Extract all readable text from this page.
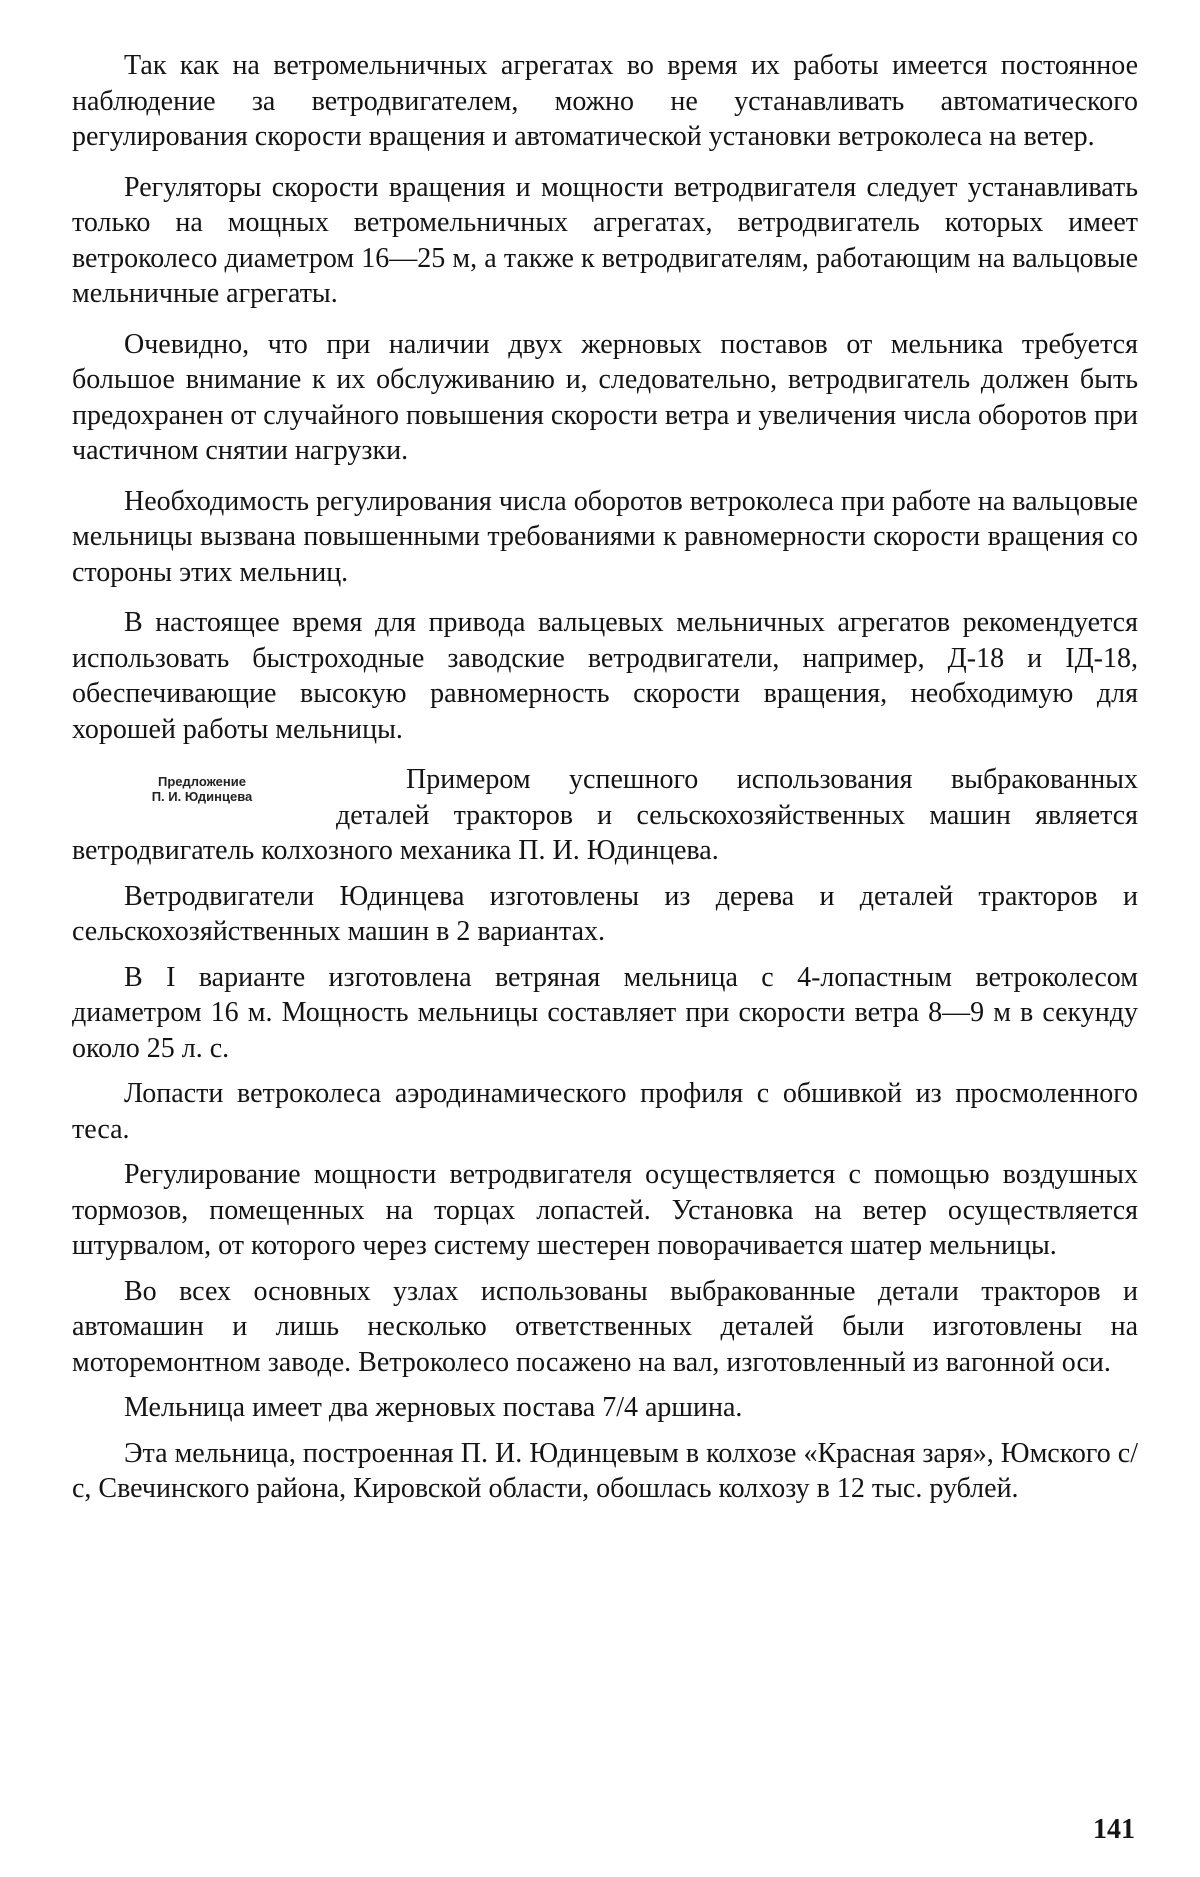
Так как на ветромельничных агрегатах во время их работы имеется постоянное наблюдение за ветродвигателем, можно не устанавливать автоматического регулирования скорости вращения и автоматической установки ветроколеса на ветер.

Регуляторы скорости вращения и мощности ветродвигателя следует устанавливать только на мощных ветромельничных агрегатах, ветродвигатель которых имеет ветроколесо диаметром 16—25 м, а также к ветродвигателям, работающим на вальцовые мельничные агрегаты.

Очевидно, что при наличии двух жерновых поставов от мельника требуется большое внимание к их обслуживанию и, следовательно, ветродвигатель должен быть предохранен от случайного повышения скорости ветра и увеличения числа оборотов при частичном снятии нагрузки.

Необходимость регулирования числа оборотов ветроколеса при работе на вальцовые мельницы вызвана повышенными требованиями к равномерности скорости вращения со стороны этих мельниц.

В настоящее время для привода вальцевых мельничных агрегатов рекомендуется использовать быстроходные заводские ветродвигатели, например, Д-18 и ІД-18, обеспечивающие высокую равномерность скорости вращения, необходимую для хорошей работы мельницы.

Предложение
П. И. Юдинцева
Примером успешного использования выбракованных деталей тракторов и сельскохозяйственных машин является ветродвигатель колхозного механика П. И. Юдинцева.

Ветродвигатели Юдинцева изготовлены из дерева и деталей тракторов и сельскохозяйственных машин в 2 вариантах.

В I варианте изготовлена ветряная мельница с 4-лопастным ветроколесом диаметром 16 м. Мощность мельницы составляет при скорости ветра 8—9 м в секунду около 25 л. с.

Лопасти ветроколеса аэродинамического профиля с обшивкой из просмоленного теса.

Регулирование мощности ветродвигателя осуществляется с помощью воздушных тормозов, помещенных на торцах лопастей. Установка на ветер осуществляется штурвалом, от которого через систему шестерен поворачивается шатер мельницы.

Во всех основных узлах использованы выбракованные детали тракторов и автомашин и лишь несколько ответственных деталей были изготовлены на моторемонтном заводе. Ветроколесо посажено на вал, изготовленный из вагонной оси.

Мельница имеет два жерновых постава 7/4 аршина.

Эта мельница, построенная П. И. Юдинцевым в колхозе «Красная заря», Юмского с/с, Свечинского района, Кировской области, обошлась колхозу в 12 тыс. рублей.

141
